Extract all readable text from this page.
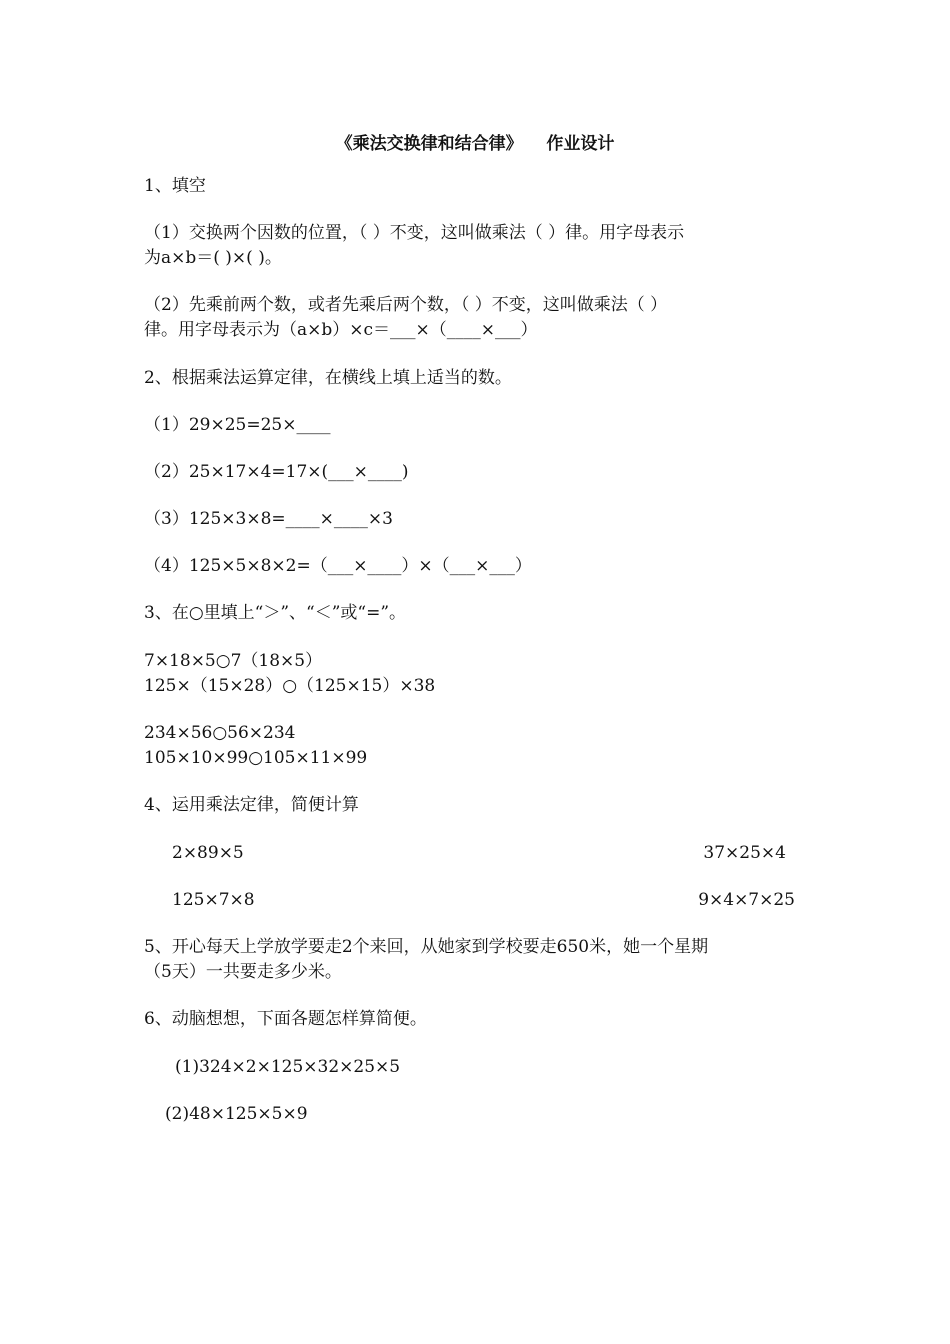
《乘法交换律和结合律》    作业设计
1、填空
（1）交换两个因数的位置，（ ）不变，这叫做乘法（ ）律。用字母表示
为a×b＝( )×( )。
（2）先乘前两个数，或者先乘后两个数，（ ）不变，这叫做乘法（ ）
律。用字母表示为（a×b）×c＝___×（____×___）
2、根据乘法运算定律，在横线上填上适当的数。
（1）29×25=25×____
（2）25×17×4=17×(___×____)
（3）125×3×8=____×____×3
（4）125×5×8×2=（___×____）×（___×___）
3、在○里填上“＞”、“＜”或“=”。
7×18×5○7（18×5）
125×（15×28）○（125×15）×38
234×56○56×234
105×10×99○105×11×99
4、运用乘法定律，简便计算
2×89×5	37×25×4
125×7×8	9×4×7×25
5、开心每天上学放学要走2个来回，从她家到学校要走650米，她一个星期
（5天）一共要走多少米。
6、动脑想想，下面各题怎样算简便。
(1)324×2×125×32×25×5
(2)48×125×5×9
